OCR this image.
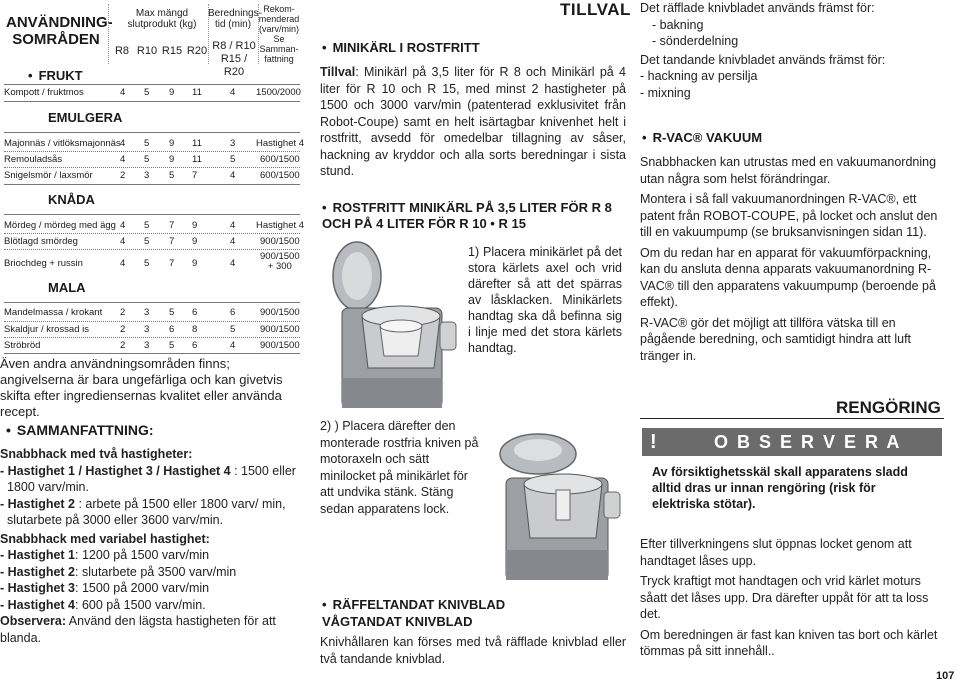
ANVÄNDNING-
SOMRÅDEN
Max mängd
slutprodukt (kg)
Berednings-
tid (min)
Rekom-
menderad
(varv/min)
Se Samman-
fattning
R8 R10 R15 R20 R8 / R10
R15 / R20
• FRUKT
Kompott / fruktmos	4 5 9 11	4 1500/2000
EMULGERA
Majonnäs / vitlöksmajonnäs 4 5 9 11	3 Hastighet 4
Remouladsås	4 5 9 11	5	600/1500
Snigelsmör / laxsmör	2 3 5 7	4	600/1500
KNÅDA
Mördeg / mördeg med ägg 4 5 7 9	4 Hastighet 4
Blötlagd smördeg	4 5 7 9	4	900/1500
Briochdeg + russin	4 5 7 9	4
900/1500
+ 300
MALA
Mandelmassa / krokant 2 3 5 6	6	900/1500
Skaldjur / krossad is	2 3 6 8	5	900/1500
Ströbröd	2 3 5 6	4	900/1500
Även andra användningsområden finns; angivelserna är bara ungefärliga och kan givetvis skifta efter ingrediensernas kvalitet eller använda recept.
• SAMMANFATTNING:
Snabbhack med två hastigheter:
- Hastighet 1 / Hastighet 3 / Hastighet 4 : 1500 eller 1800 varv/min.
- Hastighet 2 : arbete på 1500 eller 1800 varv/ min, slutarbete på 3000 eller 3600 varv/min.
Snabbhack med variabel hastighet:
- Hastighet 1: 1200 på 1500 varv/min
- Hastighet 2: slutarbete på 3500 varv/min
- Hastighet 3: 1500 på 2000 varv/min
- Hastighet 4: 600 på 1500 varv/min.
Observera: Använd den lägsta hastigheten för att blanda.
TILLVAL
• MINIKÄRL I ROSTFRITT
Tillval: Minikärl på 3,5 liter för R 8 och Minikärl på 4 liter för R 10 och R 15, med minst 2 hastigheter på 1500 och 3000 varv/min (patenterad exklusivitet från Robot-Coupe) samt en helt isärtagbar knivenhet helt i rostfritt, avsedd för omedelbar tillagning av såser, hackning av kryddor och alla sorts beredningar i sista stund.
• ROSTFRITT MINIKÄRL PÅ 3,5 LITER FÖR R 8 OCH PÅ 4 LITER FÖR R 10 • R 15
1) Placera minikärlet på det stora kärlets axel och vrid därefter så att det spärras av låsklacken. Minikärlets handtag ska då befinna sig i linje med det stora kärlets handtag.
2) ) Placera därefter den monterade rostfria kniven på motoraxeln och sätt minilocket på minikärlet för att undvika stänk. Stäng sedan apparatens lock.
• RÄFFELTANDAT KNIVBLAD
VÅGTANDAT KNIVBLAD
Knivhållaren kan förses med två räfflade knivblad eller två tandande knivblad.
Det räfflade knivbladet används främst för:
- bakning
- sönderdelning
Det tandande knivbladet används främst för:
- hackning av persilja
- mixning
• R-VAC® VAKUUM
Snabbhacken kan utrustas med en vakuumanordning utan några som helst förändringar.
Montera i så fall vakuumanordningen R-VAC®, ett patent från ROBOT-COUPE, på locket och anslut den till en vakuumpump (se bruksanvisningen sidan 11).
Om du redan har en apparat för vakuumförpackning, kan du ansluta denna apparats vakuumanordning R-VAC® till den apparatens vakuumpump (beroende på effekt).
R-VAC® gör det möjligt att tillföra vätska till en pågående beredning, och samtidigt hindra att luft tränger in.
RENGÖRING
!	O B S E R V E R A
Av försiktighetsskäl skall apparatens sladd alltid dras ur innan rengöring (risk för elektriska stötar).
Efter tillverkningens slut öppnas locket genom att handtaget låses upp.
Tryck kraftigt mot handtagen och vrid kärlet moturs såatt det låses upp. Dra därefter uppåt för att ta loss det.
Om beredningen är fast kan kniven tas bort och kärlet tömmas på sitt innehåll..
107
